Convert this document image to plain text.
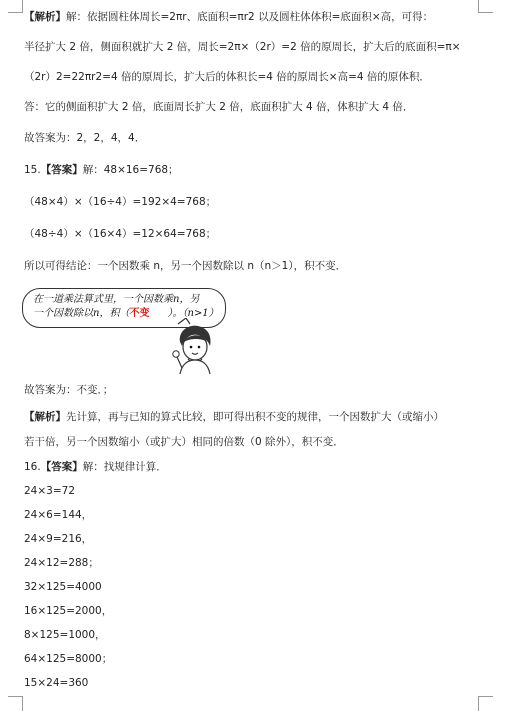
【解析】解：依据圆柱体周长=2πr、底面积=πr2 以及圆柱体体积=底面积×高，可得：
半径扩大 2 倍，侧面积就扩大 2 倍，周长=2π×（2r）=2 倍的原周长，扩大后的底面积=π×
（2r）2=22πr2=4 倍的原周长，扩大后的体积长=4 倍的原周长×高=4 倍的原体积．
答：它的侧面积扩大 2 倍，底面周长扩大 2 倍，底面积扩大 4 倍，体积扩大 4 倍．
故答案为：2，2，4，4．
15.【答案】解：48×16=768；
（48×4）×（16÷4）=192×4=768；
（48÷4）×（16×4）=12×64=768；
所以可得结论：一个因数乘 n，另一个因数除以 n（n＞1），积不变．
在一道乘法算式里，一个因数乘n，另
一个因数除以n，积（不变 ）。（n>1）
故答案为：不变．；
【解析】先计算，再与已知的算式比较，即可得出积不变的规律，一个因数扩大（或缩小）
若干倍，另一个因数缩小（或扩大）相同的倍数（0 除外），积不变．
16.【答案】解：找规律计算．
24×3=72
24×6=144，
24×9=216，
24×12=288；
32×125=4000
16×125=2000，
8×125=1000，
64×125=8000；
15×24=360
